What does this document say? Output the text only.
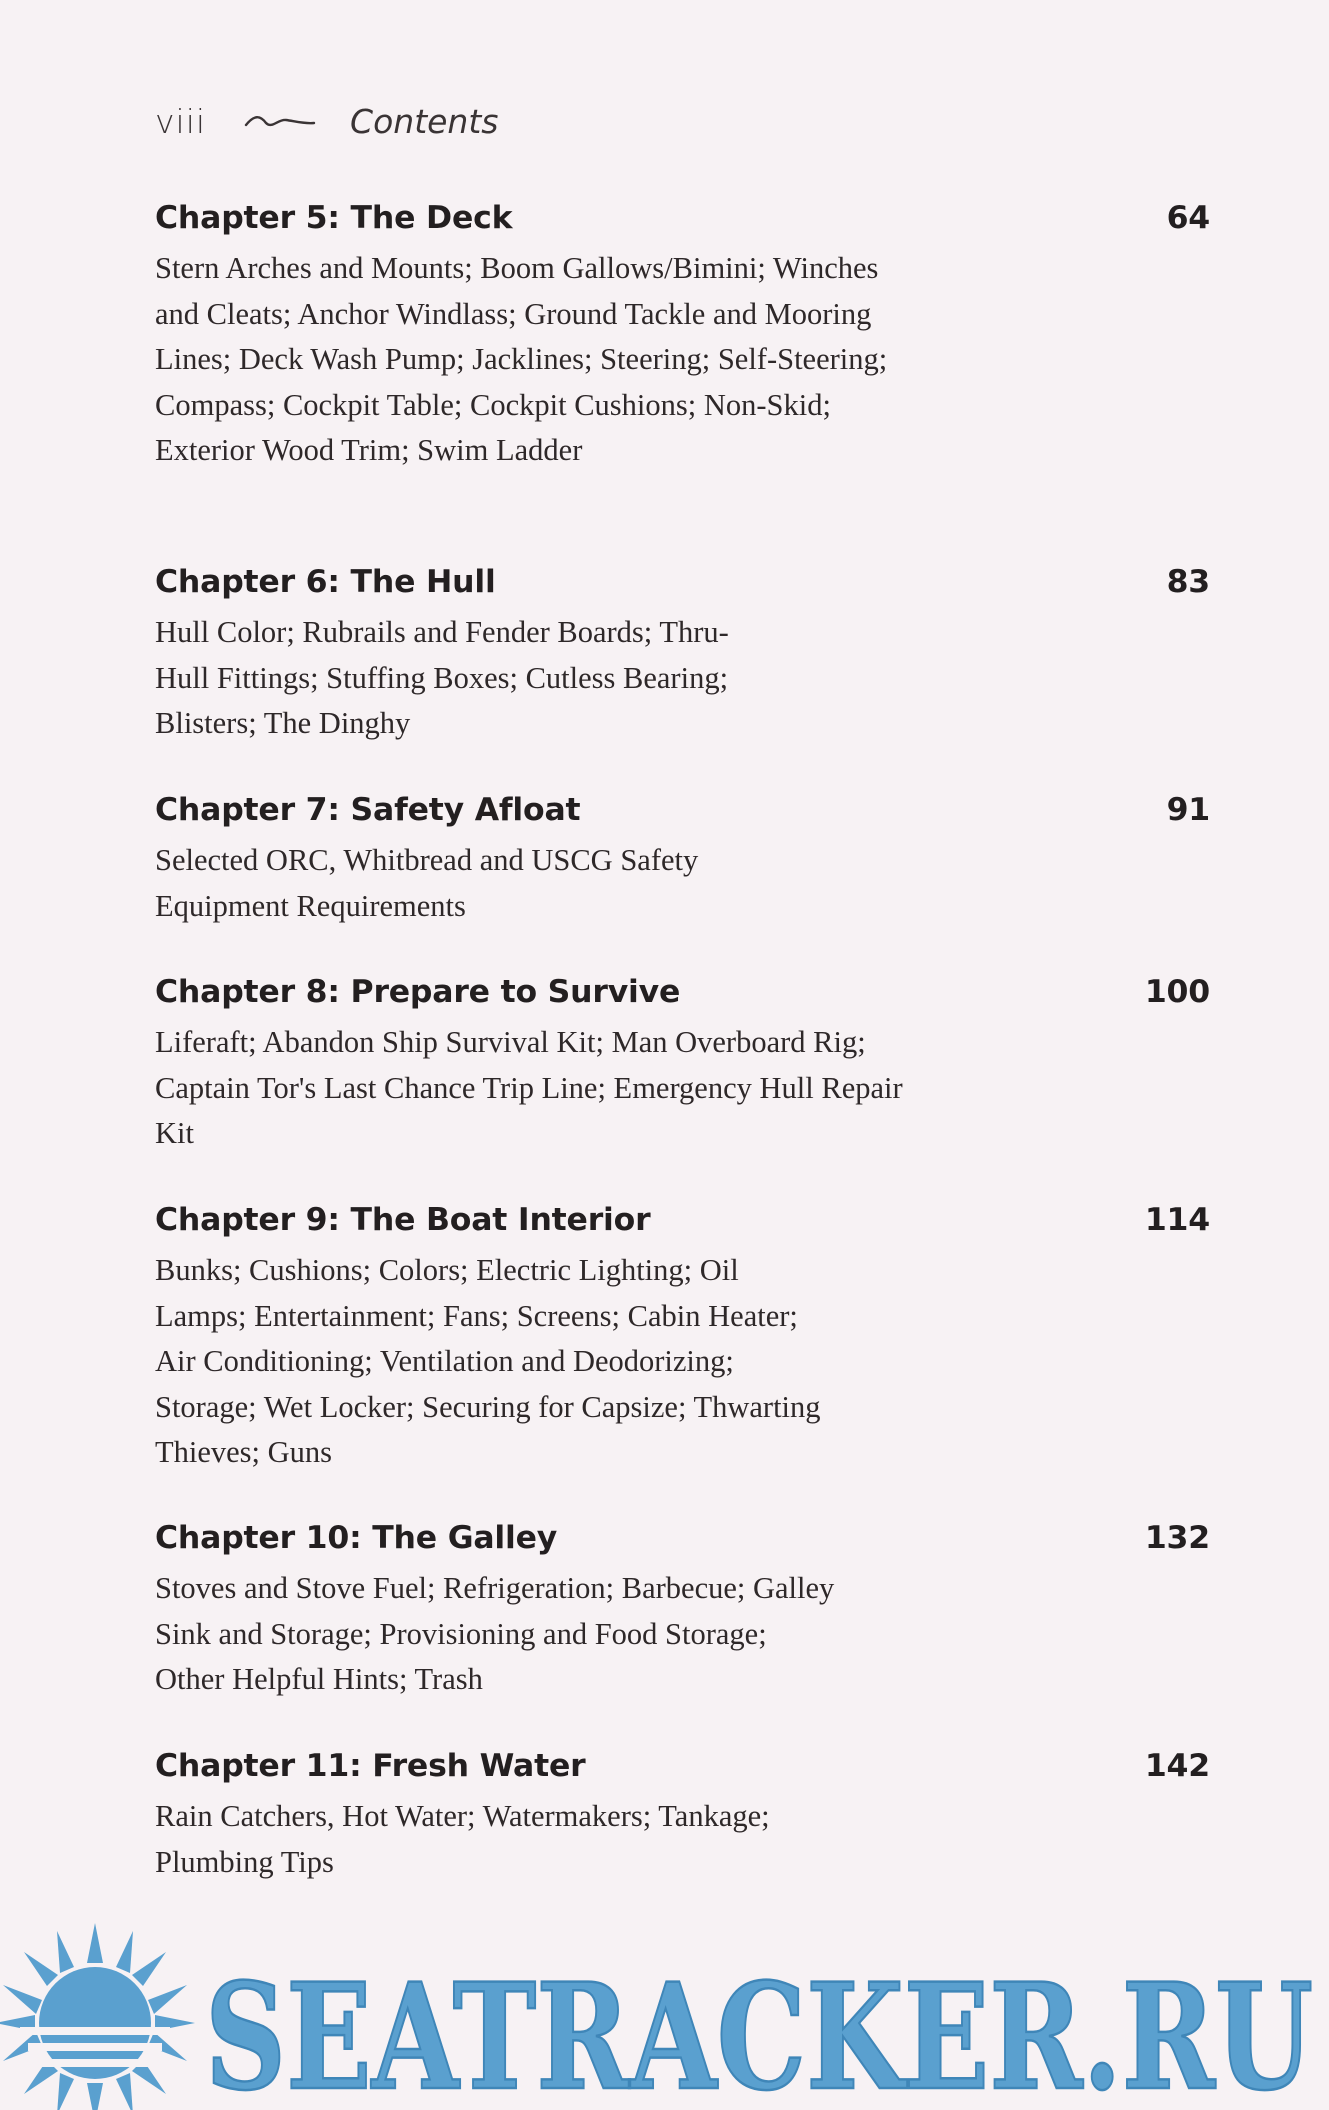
viii	Contents
Chapter 5: The Deck	64
Stern Arches and Mounts; Boom Gallows/Bimini; Winches and Cleats; Anchor Windlass; Ground Tackle and Mooring Lines; Deck Wash Pump; Jacklines; Steering; Self-Steering; Compass; Cockpit Table; Cockpit Cushions; Non-Skid; Exterior Wood Trim; Swim Ladder
Chapter 6: The Hull	83
Hull Color; Rubrails and Fender Boards; Thru-Hull Fittings; Stuffing Boxes; Cutless Bearing; Blisters; The Dinghy
Chapter 7: Safety Afloat	91
Selected ORC, Whitbread and USCG Safety Equipment Requirements
Chapter 8: Prepare to Survive	100
Liferaft; Abandon Ship Survival Kit; Man Overboard Rig; Captain Tor's Last Chance Trip Line; Emergency Hull Repair Kit
Chapter 9: The Boat Interior	114
Bunks; Cushions; Colors; Electric Lighting; Oil Lamps; Entertainment; Fans; Screens; Cabin Heater; Air Conditioning; Ventilation and Deodorizing; Storage; Wet Locker; Securing for Capsize; Thwarting Thieves; Guns
Chapter 10: The Galley	132
Stoves and Stove Fuel; Refrigeration; Barbecue; Galley Sink and Storage; Provisioning and Food Storage; Other Helpful Hints; Trash
Chapter 11: Fresh Water	142
Rain Catchers, Hot Water; Watermakers; Tankage; Plumbing Tips
SEATRACKER.RU
